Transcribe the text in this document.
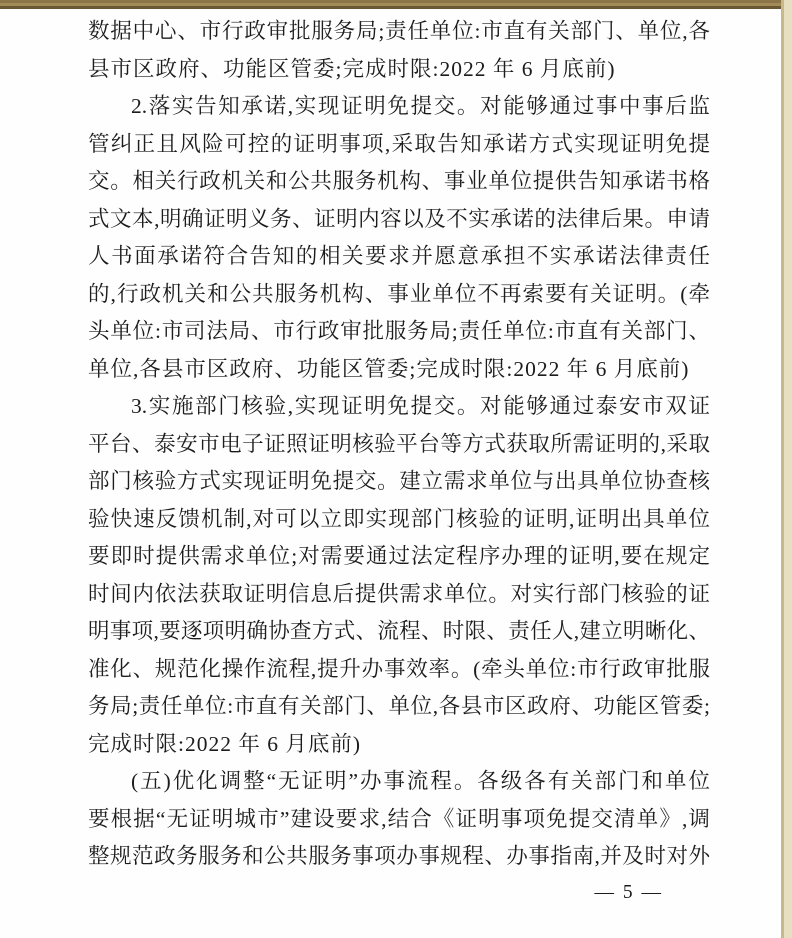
数据中心、市行政审批服务局;责任单位:市直有关部门、单位,各
县市区政府、功能区管委;完成时限:2022 年 6 月底前)
2.落实告知承诺,实现证明免提交。对能够通过事中事后监
管纠正且风险可控的证明事项,采取告知承诺方式实现证明免提
交。相关行政机关和公共服务机构、事业单位提供告知承诺书格
式文本,明确证明义务、证明内容以及不实承诺的法律后果。申请
人书面承诺符合告知的相关要求并愿意承担不实承诺法律责任
的,行政机关和公共服务机构、事业单位不再索要有关证明。(牵
头单位:市司法局、市行政审批服务局;责任单位:市直有关部门、
单位,各县市区政府、功能区管委;完成时限:2022 年 6 月底前)
3.实施部门核验,实现证明免提交。对能够通过泰安市双证
平台、泰安市电子证照证明核验平台等方式获取所需证明的,采取
部门核验方式实现证明免提交。建立需求单位与出具单位协查核
验快速反馈机制,对可以立即实现部门核验的证明,证明出具单位
要即时提供需求单位;对需要通过法定程序办理的证明,要在规定
时间内依法获取证明信息后提供需求单位。对实行部门核验的证
明事项,要逐项明确协查方式、流程、时限、责任人,建立明晰化、
准化、规范化操作流程,提升办事效率。(牵头单位:市行政审批服
务局;责任单位:市直有关部门、单位,各县市区政府、功能区管委;
完成时限:2022 年 6 月底前)
(五)优化调整“无证明”办事流程。各级各有关部门和单位
要根据“无证明城市”建设要求,结合《证明事项免提交清单》,调
整规范政务服务和公共服务事项办事规程、办事指南,并及时对外
— 5 —
